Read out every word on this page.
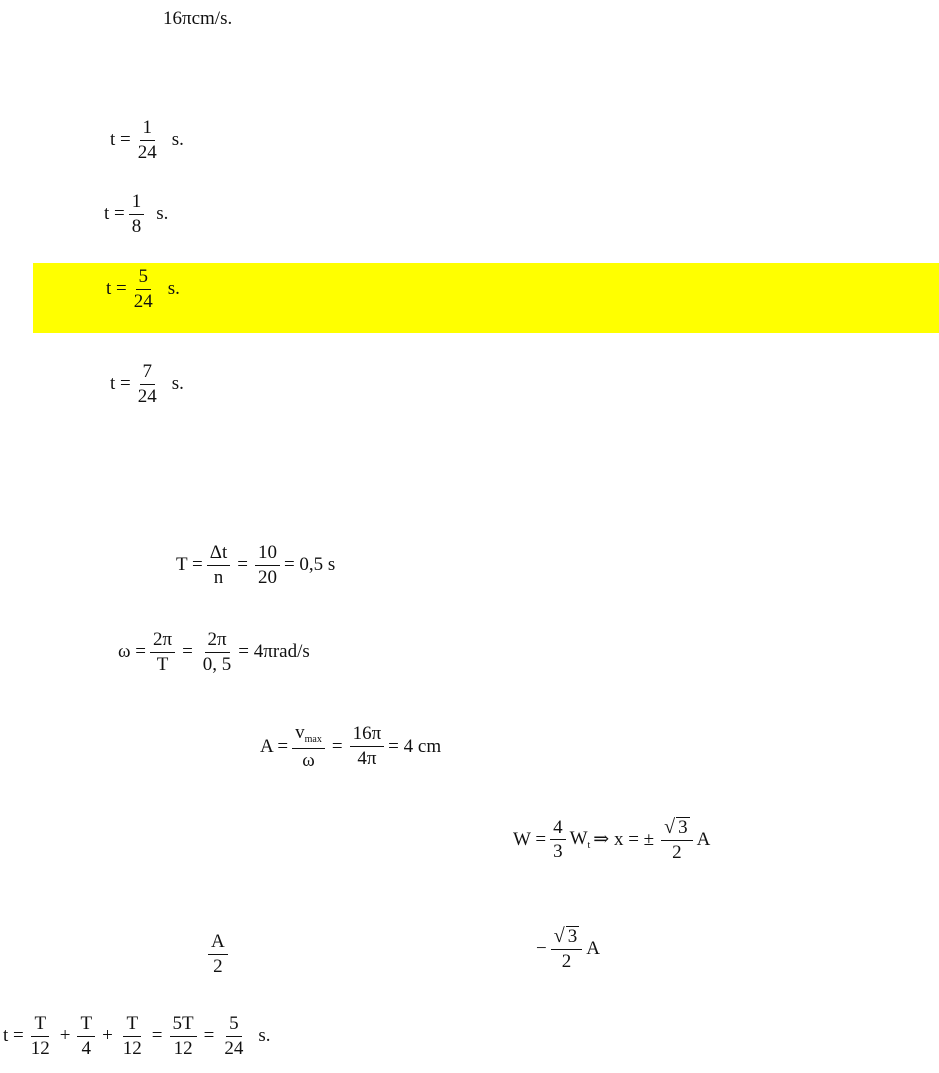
16πcm/s.
$t = \frac{1}{24} s$.
$t = \frac{1}{8} s$.
$t = \frac{5}{24} s$.
$t = \frac{7}{24} s$.
$T = \frac{\Delta t}{n} = \frac{10}{20} = 0,5$ s
$\omega = \frac{2\pi}{T} = \frac{2\pi}{0, 5} = 4\pi rad/s$
$A = \frac{v_{max}}{\omega} = \frac{16\pi}{4\pi} = 4$ cm
$W = \frac{4}{3} W_t$ ⇒ x = ± $\frac{√ 3}{2}$ A
$\frac{A}{2}$	− $\frac{√ 3}{2}$ A
$t = \frac{T}{12} + \frac{T}{4} + \frac{T}{12} = \frac{5T}{12} = \frac{5}{24} s$.
